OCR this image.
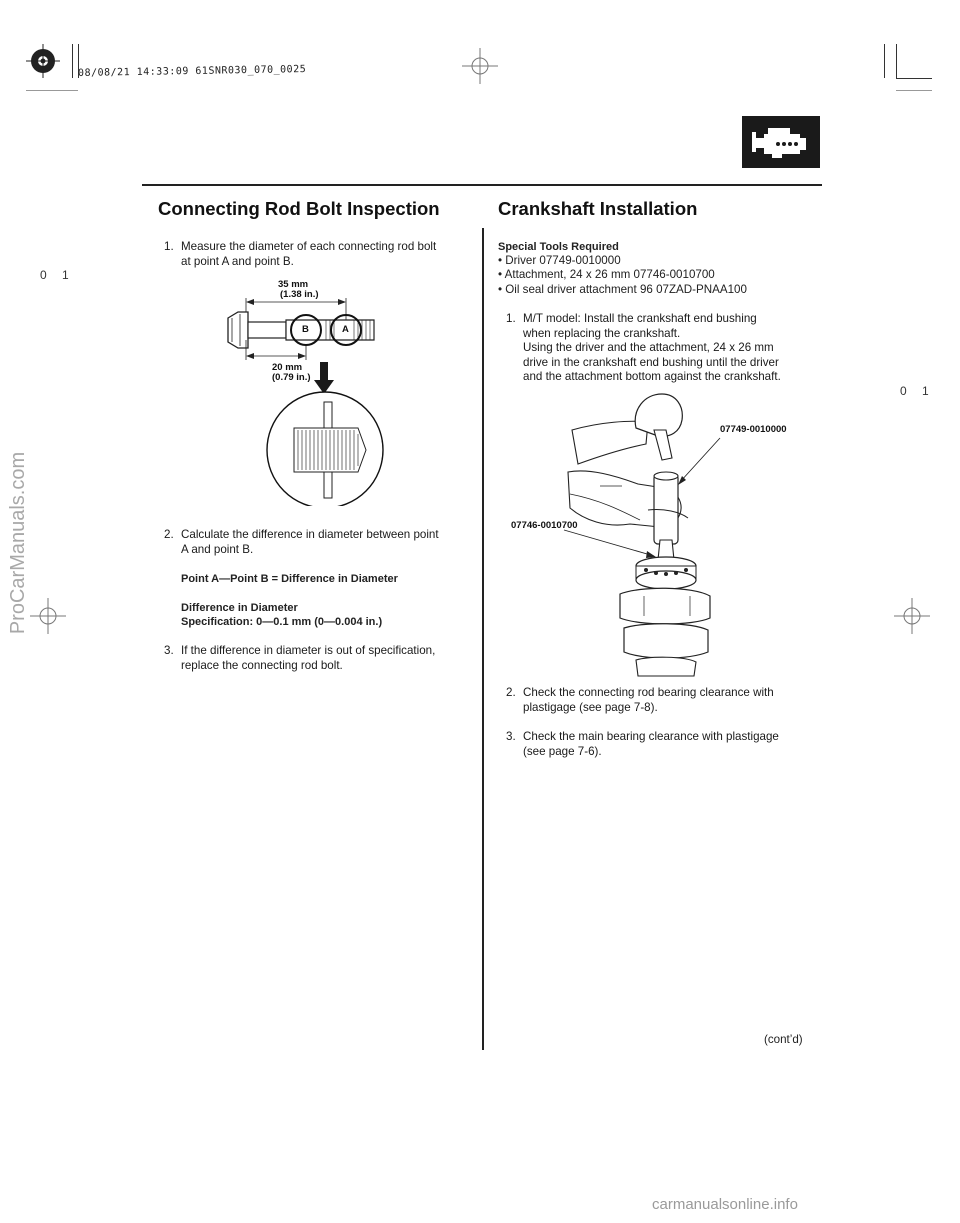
08/08/21 14:33:09 61SNR030_070_0025
0 1
0 1
Connecting Rod Bolt Inspection	Crankshaft Installation
1. Measure the diameter of each connecting rod bolt
at point A and point B.
35 mm
(1.38 in.)
B	A
20 mm
(0.79 in.)
2. Calculate the difference in diameter between point
A and point B.
Point A—Point B = Difference in Diameter
Difference in Diameter
Specification: 0—0.1 mm (0—0.004 in.)
3. If the difference in diameter is out of specification,
replace the connecting rod bolt.
Special Tools Required
• Driver 07749-0010000
• Attachment, 24 x 26 mm 07746-0010700
• Oil seal driver attachment 96 07ZAD-PNAA100
1. M/T model: Install the crankshaft end bushing
when replacing the crankshaft.
Using the driver and the attachment, 24 x 26 mm
drive in the crankshaft end bushing until the driver
and the attachment bottom against the crankshaft.
07749-0010000
07746-0010700
2. Check the connecting rod bearing clearance with
plastigage (see page 7-8).
3. Check the main bearing clearance with plastigage
(see page 7-6).
(cont’d)
ProCarManuals.com
carmanualsonline.info
